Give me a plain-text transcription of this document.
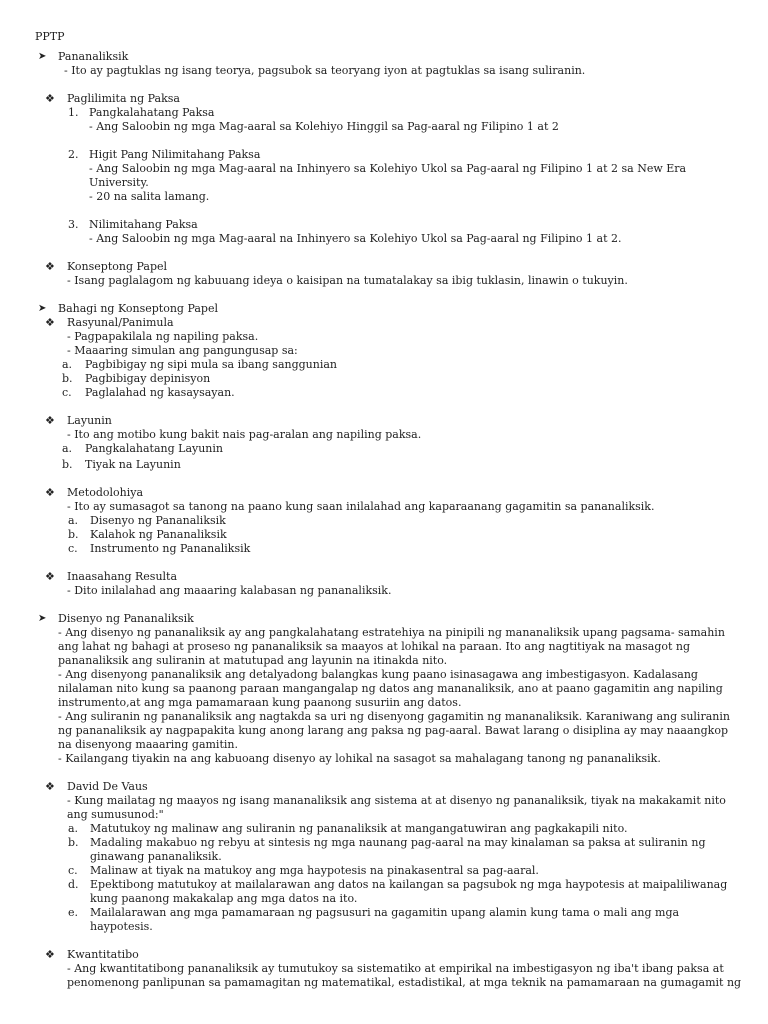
PPTP
➤ Pananaliksik
- Ito ay pagtuklas ng isang teorya, pagsubok sa teoryang iyon at pagtuklas sa isang suliranin.
❖ Paglilimita ng Paksa
1. Pangkalahatang Paksa
- Ang Saloobin ng mga Mag-aaral sa Kolehiyo Hinggil sa Pag-aaral ng Filipino 1 at 2
2. Higit Pang Nilimitahang Paksa
- Ang Saloobin ng mga Mag-aaral na Inhinyero sa Kolehiyo Ukol sa Pag-aaral ng Filipino 1 at 2 sa New Era
University.
- 20 na salita lamang.
3. Nilimitahang Paksa
- Ang Saloobin ng mga Mag-aaral na Inhinyero sa Kolehiyo Ukol sa Pag-aaral ng Filipino 1 at 2.
❖ Konseptong Papel
- Isang paglalagom ng kabuuang ideya o kaisipan na tumatalakay sa ibig tuklasin, linawin o tukuyin.
➤ Bahagi ng Konseptong Papel
❖ Rasyunal/Panimula
- Pagpapakilala ng napiling paksa.
- Maaaring simulan ang pangungusap sa:
a. Pagbibigay ng sipi mula sa ibang sanggunian
b. Pagbibigay depinisyon
c. Paglalahad ng kasaysayan.
❖ Layunin
- Ito ang motibo kung bakit nais pag-aralan ang napiling paksa.
a. Pangkalahatang Layunin
b. Tiyak na Layunin
❖ Metodolohiya
- Ito ay sumasagot sa tanong na paano kung saan inilalahad ang kaparaanang gagamitin sa pananaliksik.
a. Disenyo ng Pananaliksik
b. Kalahok ng Pananaliksik
c. Instrumento ng Pananaliksik
❖ Inaasahang Resulta
- Dito inilalahad ang maaaring kalabasan ng pananaliksik.
➤ Disenyo ng Pananaliksik
- Ang disenyo ng pananaliksik ay ang pangkalahatang estratehiya na pinipili ng mananaliksik upang pagsama- samahin
ang lahat ng bahagi at proseso ng pananaliksik sa maayos at lohikal na paraan. Ito ang nagtitiyak na masagot ng
pananaliksik ang suliranin at matutupad ang layunin na itinakda nito.
- Ang disenyong pananaliksik ang detalyadong balangkas kung paano isinasagawa ang imbestigasyon. Kadalasang
nilalaman nito kung sa paanong paraan mangangalap ng datos ang mananaliksik, ano at paano gagamitin ang napiling
instrumento,at ang mga pamamaraan kung paanong susuriin ang datos.
- Ang suliranin ng pananaliksik ang nagtakda sa uri ng disenyong gagamitin ng mananaliksik. Karaniwang ang suliranin
ng pananaliksik ay nagpapakita kung anong larang ang paksa ng pag-aaral. Bawat larang o disiplina ay may naaangkop
na disenyong maaaring gamitin.
- Kailangang tiyakin na ang kabuoang disenyo ay lohikal na sasagot sa mahalagang tanong ng pananaliksik.
❖ David De Vaus
- Kung mailatag ng maayos ng isang mananaliksik ang sistema at at disenyo ng pananaliksik, tiyak na makakamit nito
ang sumusunod:"
a. Matutukoy ng malinaw ang suliranin ng pananaliksik at mangangatuwiran ang pagkakapili nito.
b. Madaling makabuo ng rebyu at sintesis ng mga naunang pag-aaral na may kinalaman sa paksa at suliranin ng
ginawang pananaliksik.
c. Malinaw at tiyak na matukoy ang mga haypotesis na pinakasentral sa pag-aaral.
d. Epektibong matutukoy at mailalarawan ang datos na kailangan sa pagsubok ng mga haypotesis at maipaliliwanag
kung paanong makakalap ang mga datos na ito.
e. Mailalarawan ang mga pamamaraan ng pagsusuri na gagamitin upang alamin kung tama o mali ang mga
haypotesis.
❖ Kwantitatibo
- Ang kwantitatibong pananaliksik ay tumutukoy sa sistematiko at empirikal na imbestigasyon ng iba't ibang paksa at
penomenong panlipunan sa pamamagitan ng matematikal, estadistikal, at mga teknik na pamamaraan na gumagamit ng
